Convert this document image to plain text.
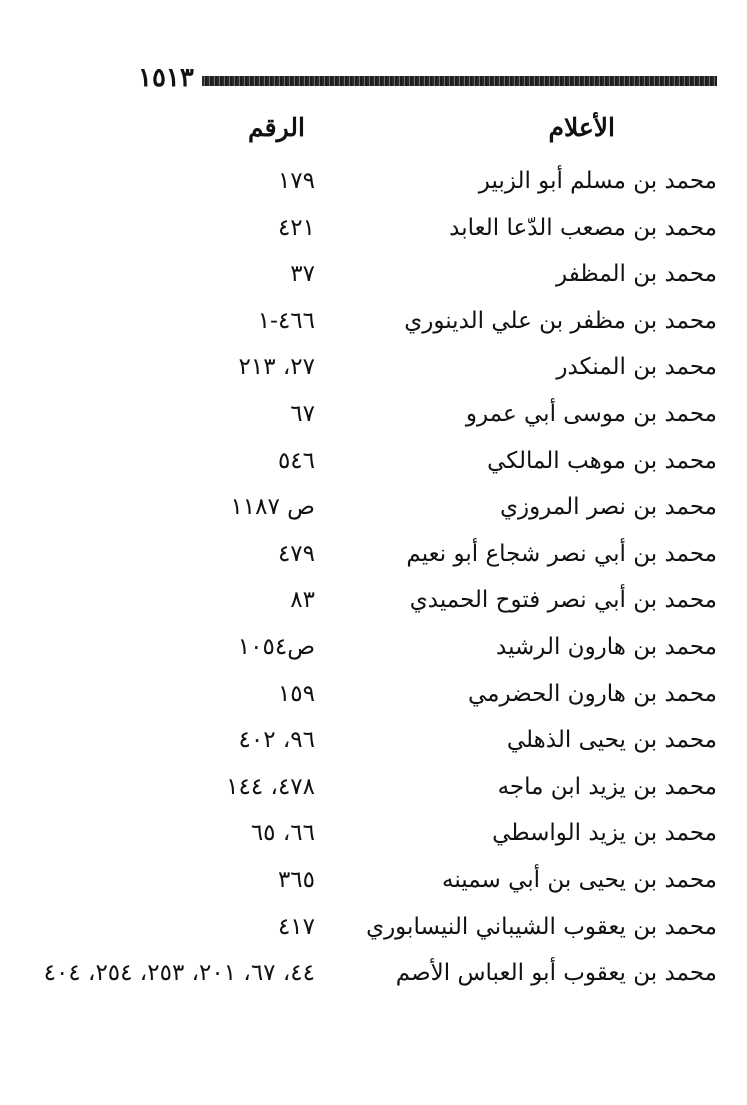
١٥١٣
الأعلام
الرقم
محمد بن مسلم أبو الزبير
١٧٩
محمد بن مصعب الدّعا العابد
٤٢١
محمد بن المظفر
٣٧
محمد بن مظفر بن علي الدينوري
٤٦٦-١
محمد بن المنكدر
٢٧، ٢١٣
محمد بن موسى أبي عمرو
٦٧
محمد بن موهب المالكي
٥٤٦
محمد بن نصر المروزي
ص ١١٨٧
محمد بن أبي نصر شجاع أبو نعيم
٤٧٩
محمد بن أبي نصر فتوح الحميدي
٨٣
محمد بن هارون الرشيد
ص١٠٥٤
محمد بن هارون الحضرمي
١٥٩
محمد بن يحيى الذهلي
٩٦، ٤٠٢
محمد بن يزيد ابن ماجه
٤٧٨، ١٤٤
محمد بن يزيد الواسطي
٦٦، ٦٥
محمد بن يحيى بن أبي سمينه
٣٦٥
محمد بن يعقوب الشيباني النيسابوري
٤١٧
محمد بن يعقوب أبو العباس الأصم
٤٤، ٦٧، ٢٠١، ٢٥٣، ٢٥٤، ٤٠٤
